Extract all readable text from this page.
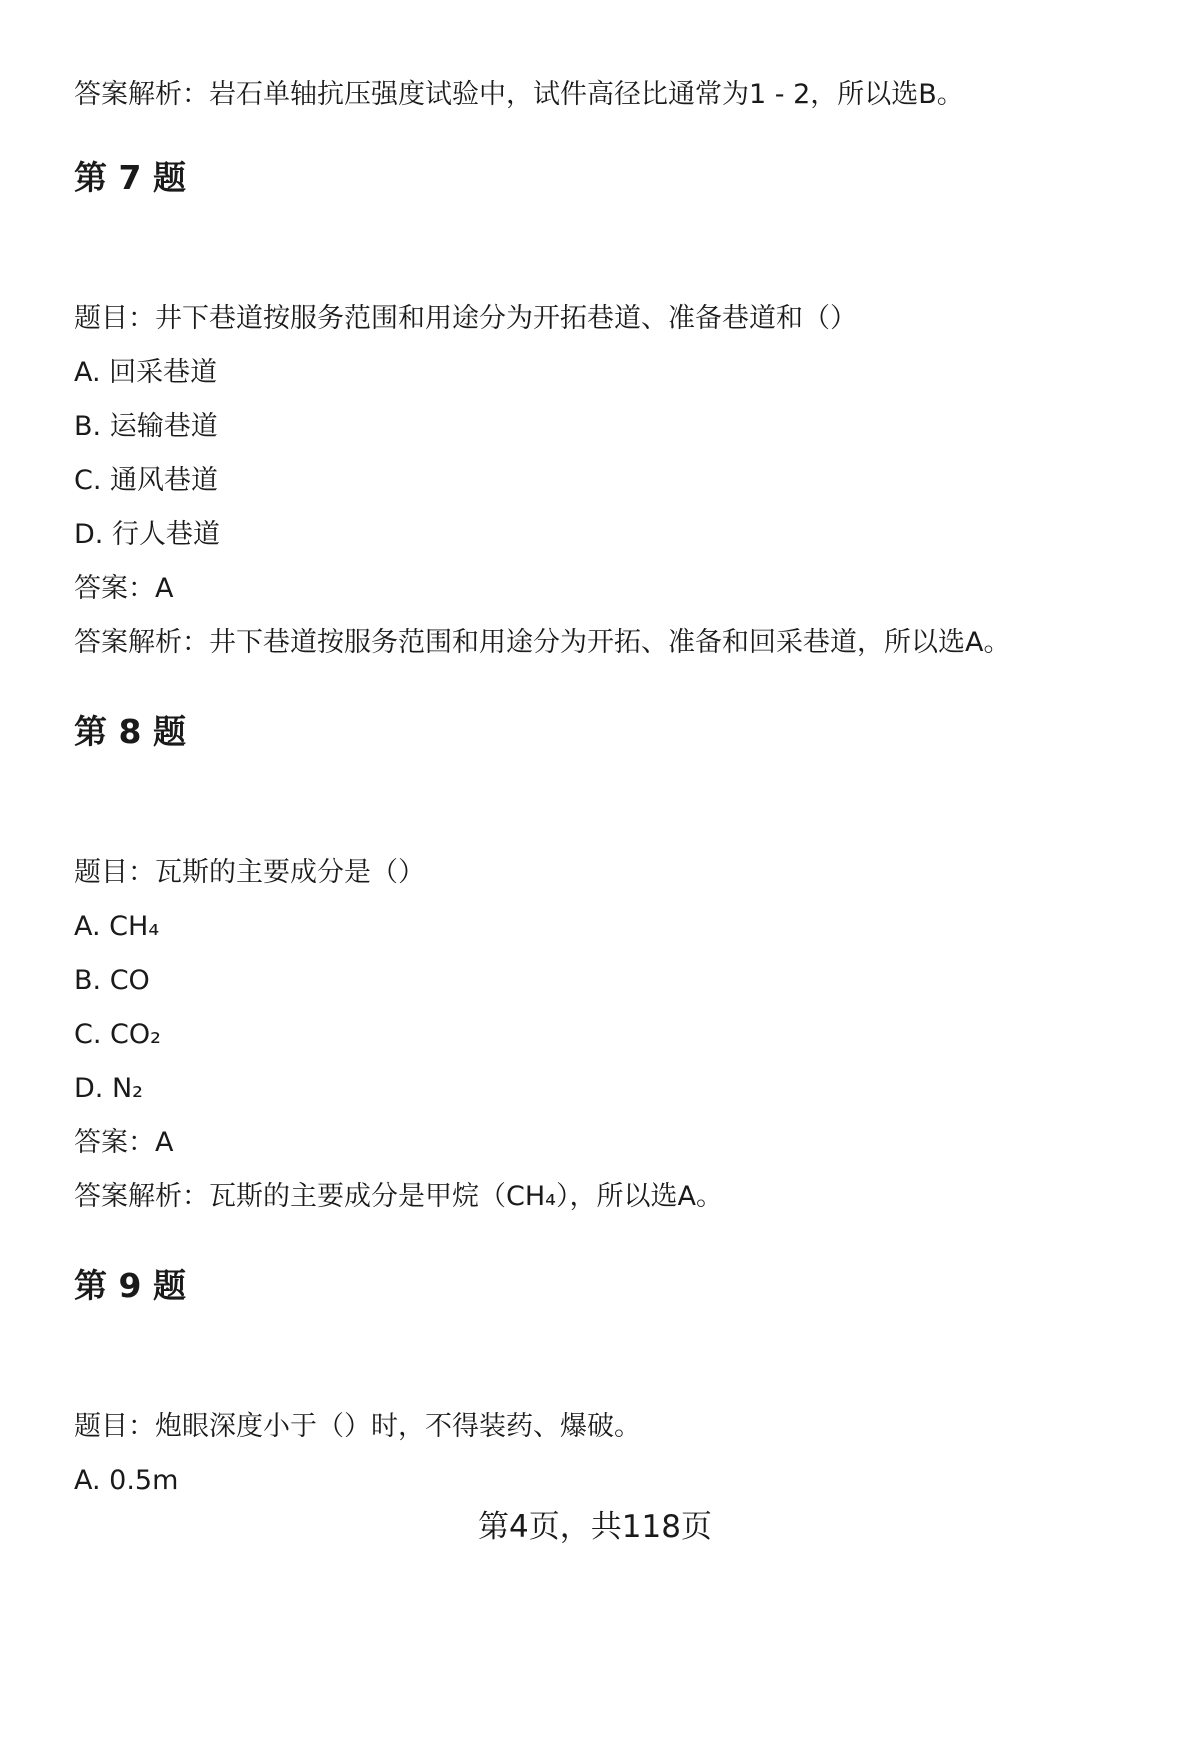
答案解析：岩石单轴抗压强度试验中，试件高径比通常为1 - 2，所以选B。
第 7 题
题目：井下巷道按服务范围和用途分为开拓巷道、准备巷道和（）
A. 回采巷道
B. 运输巷道
C. 通风巷道
D. 行人巷道
答案：A
答案解析：井下巷道按服务范围和用途分为开拓、准备和回采巷道，所以选A。
第 8 题
题目：瓦斯的主要成分是（）
A. CH₄
B. CO
C. CO₂
D. N₂
答案：A
答案解析：瓦斯的主要成分是甲烷（CH₄），所以选A。
第 9 题
题目：炮眼深度小于（）时，不得装药、爆破。
A. 0.5m
第4页，共118页
